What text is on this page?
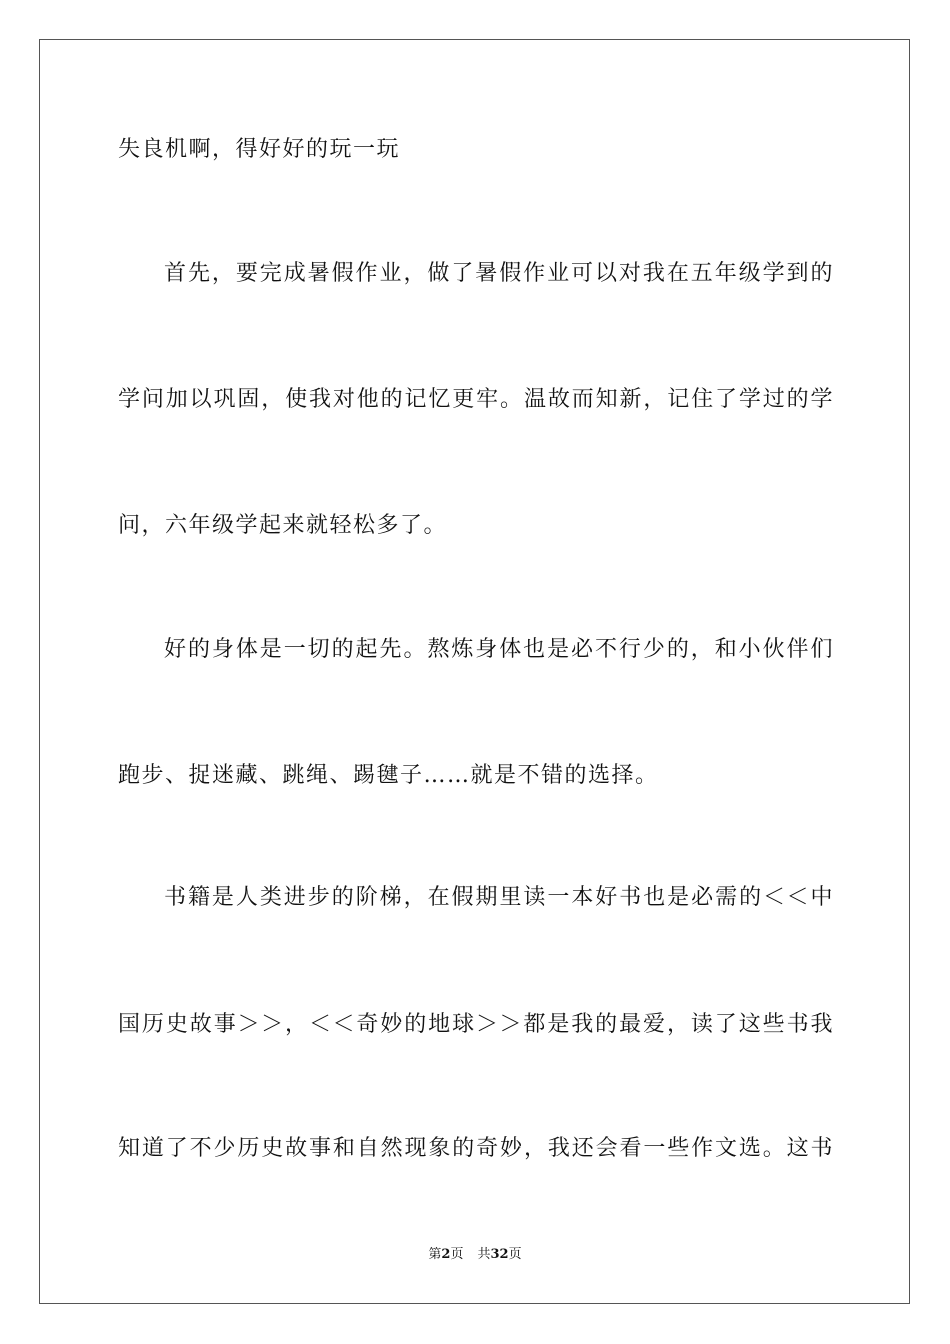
失良机啊，得好好的玩一玩
首先，要完成暑假作业，做了暑假作业可以对我在五年级学到的
学问加以巩固，使我对他的记忆更牢。温故而知新，记住了学过的学
问，六年级学起来就轻松多了。
好的身体是一切的起先。熬炼身体也是必不行少的，和小伙伴们
跑步、捉迷藏、跳绳、踢毽子……就是不错的选择。
书籍是人类进步的阶梯，在假期里读一本好书也是必需的＜＜中
国历史故事＞＞，＜＜奇妙的地球＞＞都是我的最爱，读了这些书我
知道了不少历史故事和自然现象的奇妙，我还会看一些作文选。这书
第2页 共32页
